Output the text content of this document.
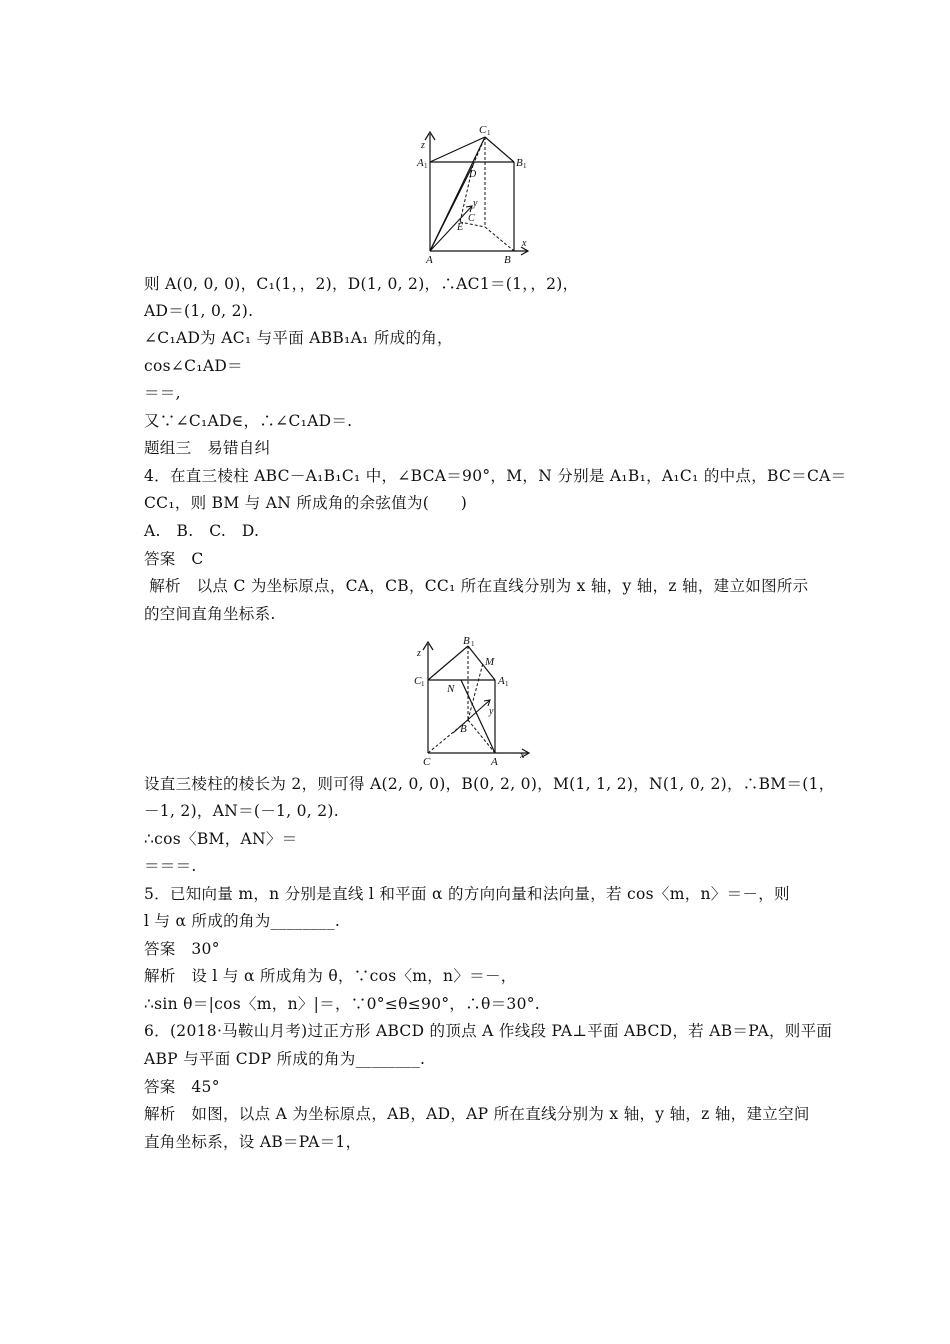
z
C 1
A 1	B 1
D
y
C
E
A	B
x
z
B 1
M
C 1 N
A 1
y
B
C	A
x
则 A(0, 0, 0)，C₁(1，，2)，D(1, 0, 2)，∴AC1＝(1，，2)，
AD＝(1, 0, 2).
∠C₁AD为 AC₁ 与平面 ABB₁A₁ 所成的角，
cos∠C₁AD＝
＝＝,
又∵∠C₁AD∈，∴∠C₁AD＝.
题组三　易错自纠
4．在直三棱柱 ABC－A₁B₁C₁ 中，∠BCA＝90°，M，N 分别是 A₁B₁，A₁C₁ 的中点，BC＝CA＝
CC₁，则 BM 与 AN 所成角的余弦值为(　　)
A.　B.　C.　D.
答案　C
解析　以点 C 为坐标原点，CA，CB，CC₁ 所在直线分别为 x 轴，y 轴，z 轴，建立如图所示
的空间直角坐标系.
设直三棱柱的棱长为 2，则可得 A(2, 0, 0)，B(0, 2, 0)，M(1, 1, 2)，N(1, 0, 2)，∴BM＝(1，
－1, 2)，AN＝(－1, 0, 2).
∴cos〈BM，AN〉＝
＝＝＝.
5．已知向量 m，n 分别是直线 l 和平面 α 的方向向量和法向量，若 cos〈m，n〉＝－，则
l 与 α 所成的角为________.
答案　30°
解析　设 l 与 α 所成角为 θ，∵cos〈m，n〉＝－，
∴sin θ＝|cos〈m，n〉|＝，∵0°≤θ≤90°，∴θ＝30°.
6．(2018·马鞍山月考)过正方形 ABCD 的顶点 A 作线段 PA⊥平面 ABCD，若 AB＝PA，则平面
ABP 与平面 CDP 所成的角为________.
答案　45°
解析　如图，以点 A 为坐标原点，AB，AD，AP 所在直线分别为 x 轴，y 轴，z 轴，建立空间
直角坐标系，设 AB＝PA＝1，
